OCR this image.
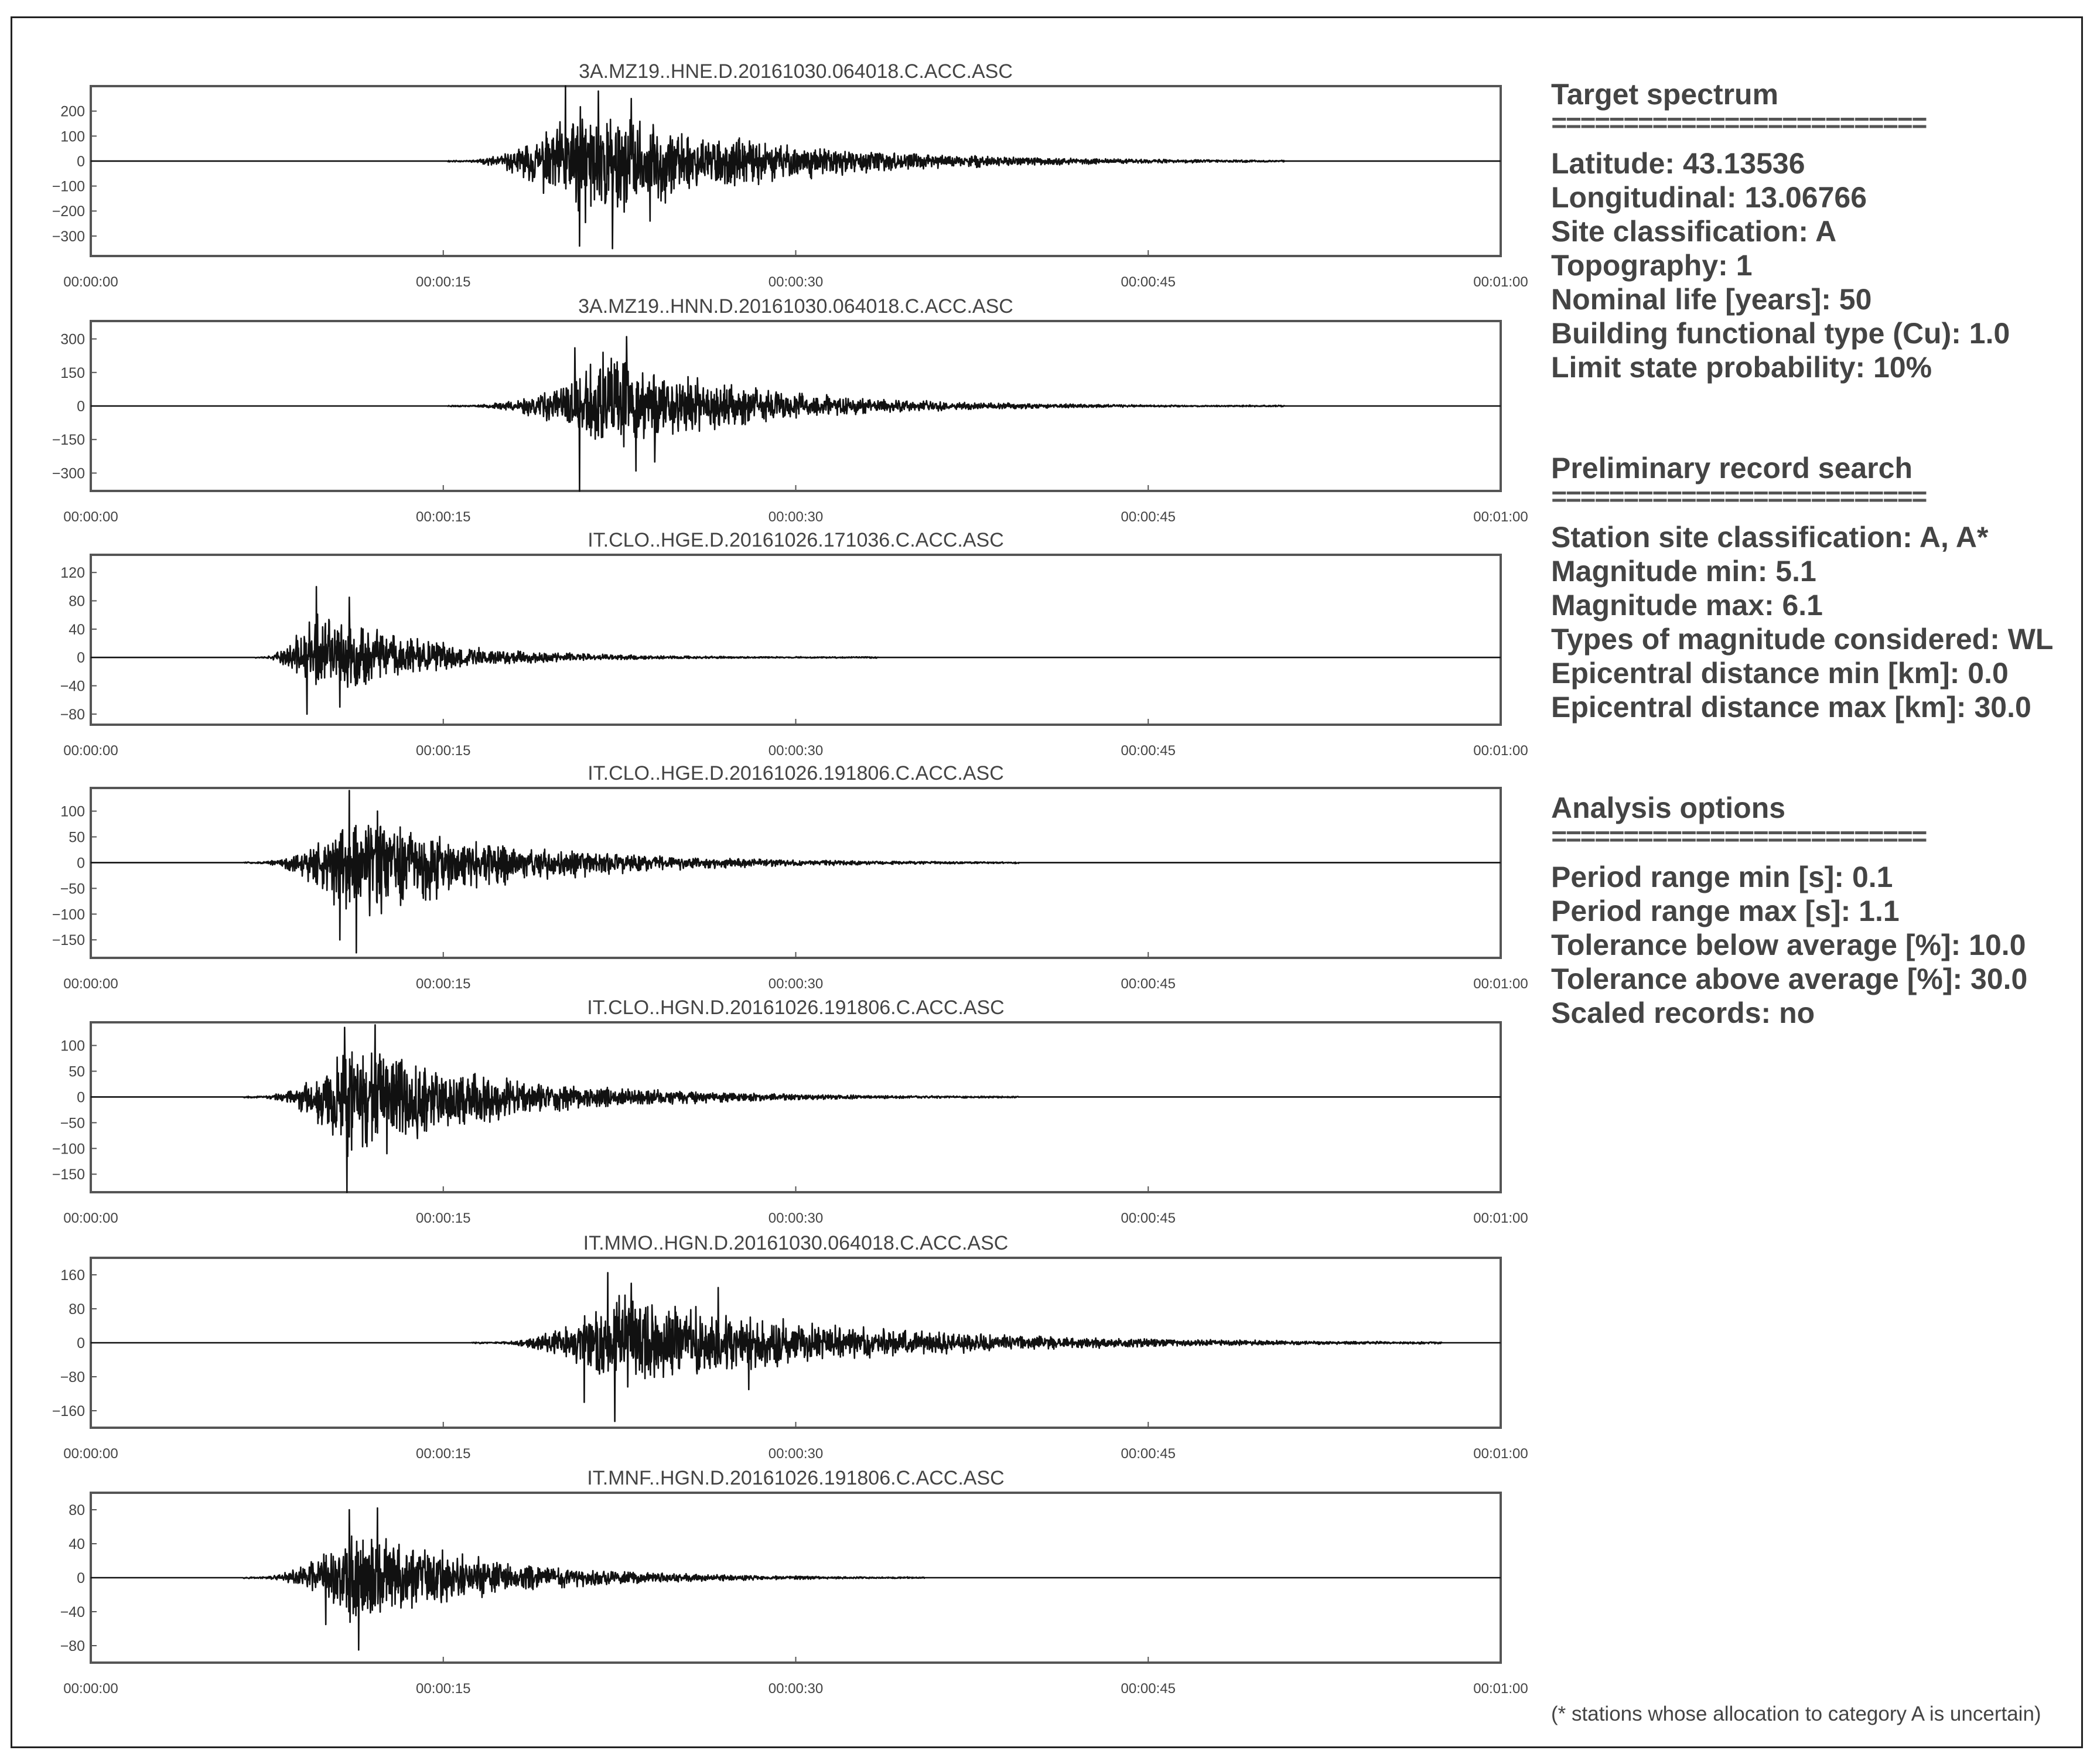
3A.MZ19..HNE.D.20161030.064018.C.ACC.ASC
200
100
0
−100
−200
−300
00:00:00	00:00:15	00:00:30	00:00:45	00:01:00
3A.MZ19..HNN.D.20161030.064018.C.ACC.ASC
300
150
0
−150
−300
00:00:00	00:00:15	00:00:30	00:00:45	00:01:00
IT.CLO..HGE.D.20161026.171036.C.ACC.ASC
120
80
40
0
−40
−80
00:00:00	00:00:15	00:00:30	00:00:45	00:01:00
IT.CLO..HGE.D.20161026.191806.C.ACC.ASC
100
50
0
−50
−100
−150
00:00:00	00:00:15	00:00:30	00:00:45	00:01:00
IT.CLO..HGN.D.20161026.191806.C.ACC.ASC
100
50
0
−50
−100
−150
00:00:00	00:00:15	00:00:30	00:00:45	00:01:00
IT.MMO..HGN.D.20161030.064018.C.ACC.ASC
160
80
0
−80
−160
00:00:00	00:00:15	00:00:30	00:00:45	00:01:00
IT.MNF..HGN.D.20161026.191806.C.ACC.ASC
80
40
0
−40
−80
00:00:00	00:00:15	00:00:30	00:00:45	00:01:00
Target spectrum
==========================
Latitude: 43.13536
Longitudinal: 13.06766
Site classification: A
Topography: 1
Nominal life [years]: 50
Building functional type (Cu): 1.0
Limit state probability: 10%
Preliminary record search
==========================
Station site classification: A, A*
Magnitude min: 5.1
Magnitude max: 6.1
Types of magnitude considered: WL
Epicentral distance min [km]: 0.0
Epicentral distance max [km]: 30.0
Analysis options
==========================
Period range min [s]: 0.1
Period range max [s]: 1.1
Tolerance below average [%]: 10.0
Tolerance above average [%]: 30.0
Scaled records: no
(* stations whose allocation to category A is uncertain)
